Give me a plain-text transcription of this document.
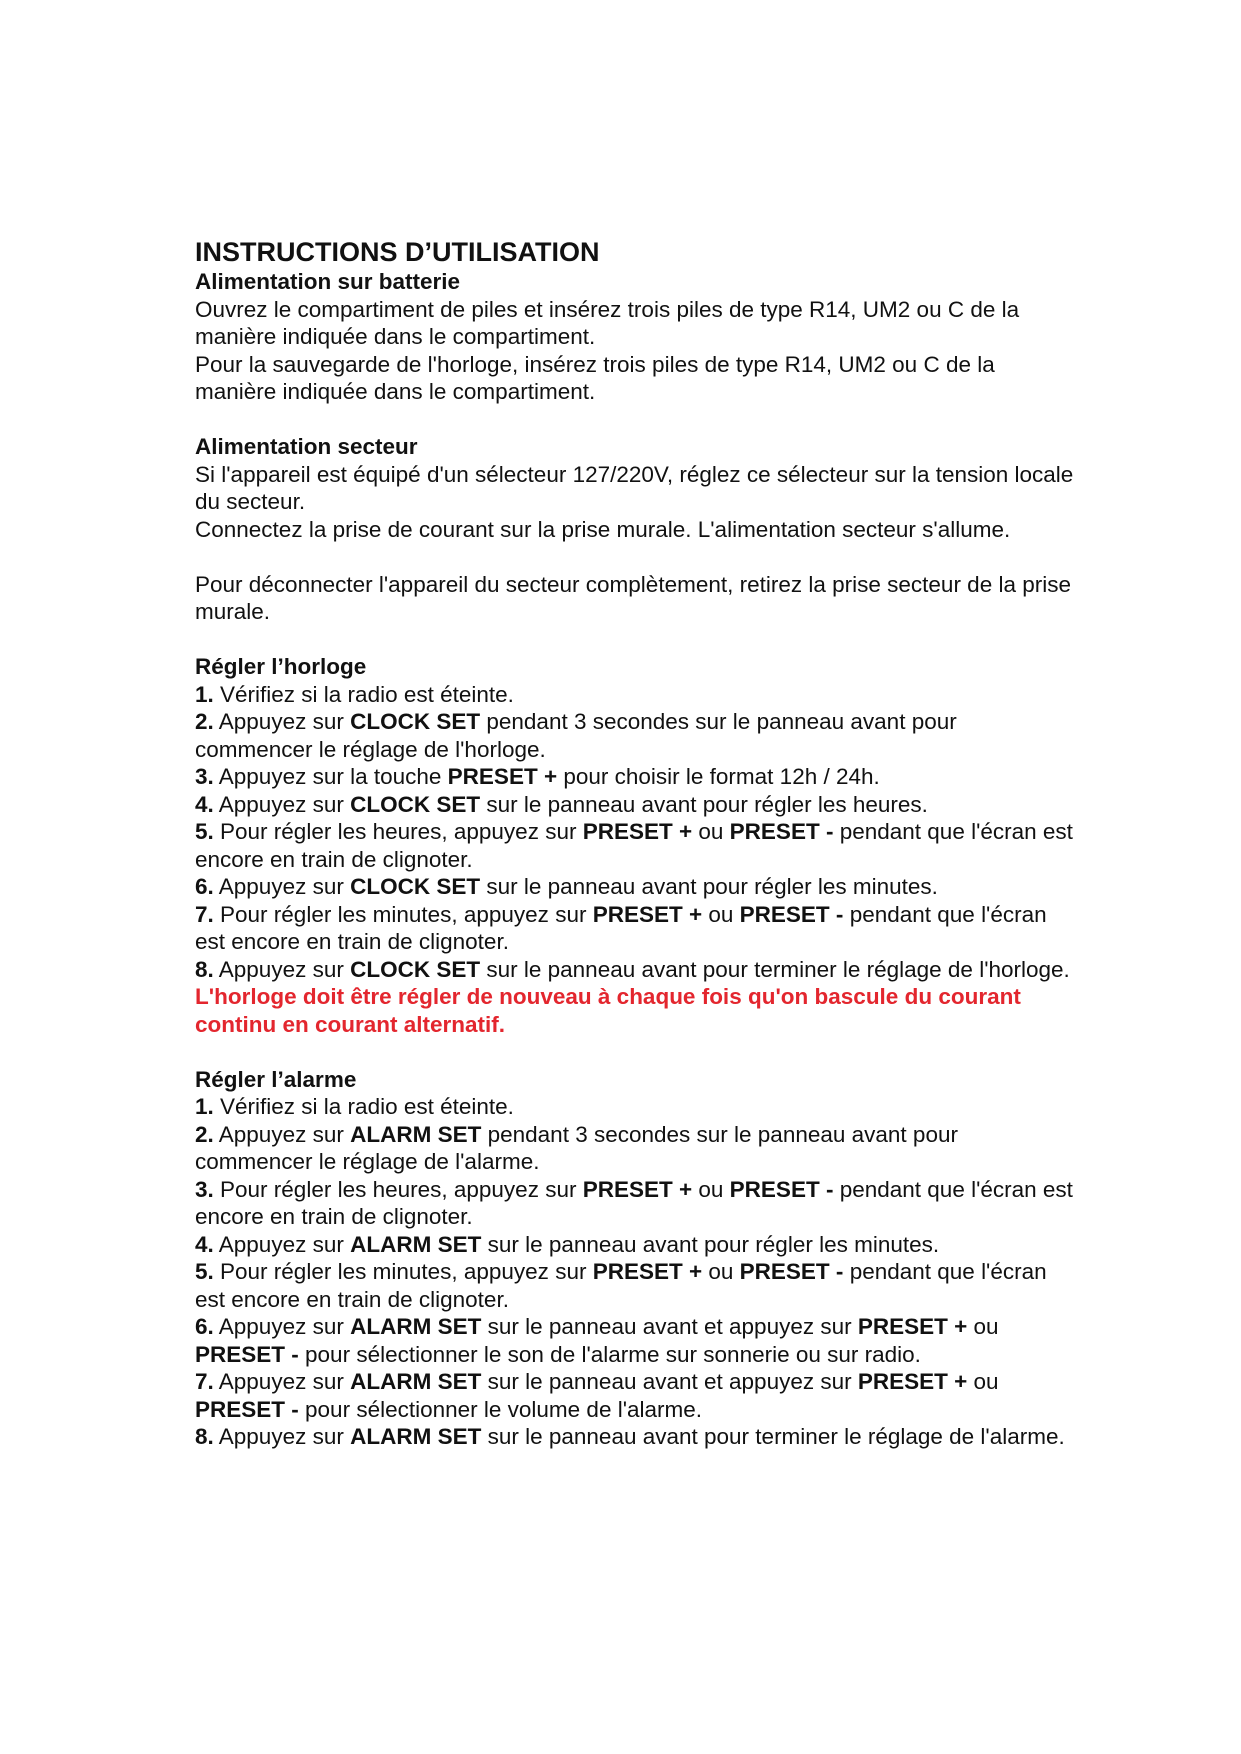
INSTRUCTIONS D’UTILISATION

Alimentation sur batterie

Ouvrez le compartiment de piles et insérez trois piles de type R14, UM2 ou C de la manière indiquée dans le compartiment.

Pour la sauvegarde de l'horloge, insérez trois piles de type R14, UM2 ou C de la manière indiquée dans le compartiment.

Alimentation secteur

Si l'appareil est équipé d'un sélecteur 127/220V, réglez ce sélecteur sur la tension locale du secteur.

Connectez la prise de courant sur la prise murale. L'alimentation secteur s'allume.

Pour déconnecter l'appareil du secteur complètement, retirez la prise secteur de la prise murale.

Régler l’horloge

1. Vérifiez si la radio est éteinte.

2. Appuyez sur CLOCK SET pendant 3 secondes sur le panneau avant pour commencer le réglage de l'horloge.

3. Appuyez sur la touche PRESET + pour choisir le format 12h / 24h.

4. Appuyez sur CLOCK SET sur le panneau avant pour régler les heures.

5. Pour régler les heures, appuyez sur PRESET + ou PRESET - pendant que l'écran est encore en train de clignoter.

6. Appuyez sur CLOCK SET sur le panneau avant pour régler les minutes.

7. Pour régler les minutes, appuyez sur PRESET + ou PRESET - pendant que l'écran est encore en train de clignoter.

8. Appuyez sur CLOCK SET sur le panneau avant pour terminer le réglage de l'horloge.

L'horloge doit être régler de nouveau à chaque fois qu'on bascule du courant continu en courant alternatif.

Régler l’alarme

1. Vérifiez si la radio est éteinte.

2. Appuyez sur ALARM SET pendant 3 secondes sur le panneau avant pour commencer le réglage de l'alarme.

3. Pour régler les heures, appuyez sur PRESET + ou PRESET - pendant que l'écran est encore en train de clignoter.

4. Appuyez sur ALARM SET sur le panneau avant pour régler les minutes.

5. Pour régler les minutes, appuyez sur PRESET + ou PRESET - pendant que l'écran est encore en train de clignoter.

6. Appuyez sur ALARM SET sur le panneau avant et appuyez sur PRESET + ou PRESET - pour sélectionner le son de l'alarme sur sonnerie ou sur radio.

7. Appuyez sur ALARM SET sur le panneau avant et appuyez sur PRESET + ou PRESET - pour sélectionner le volume de l'alarme.

8. Appuyez sur ALARM SET sur le panneau avant pour terminer le réglage de l'alarme.
